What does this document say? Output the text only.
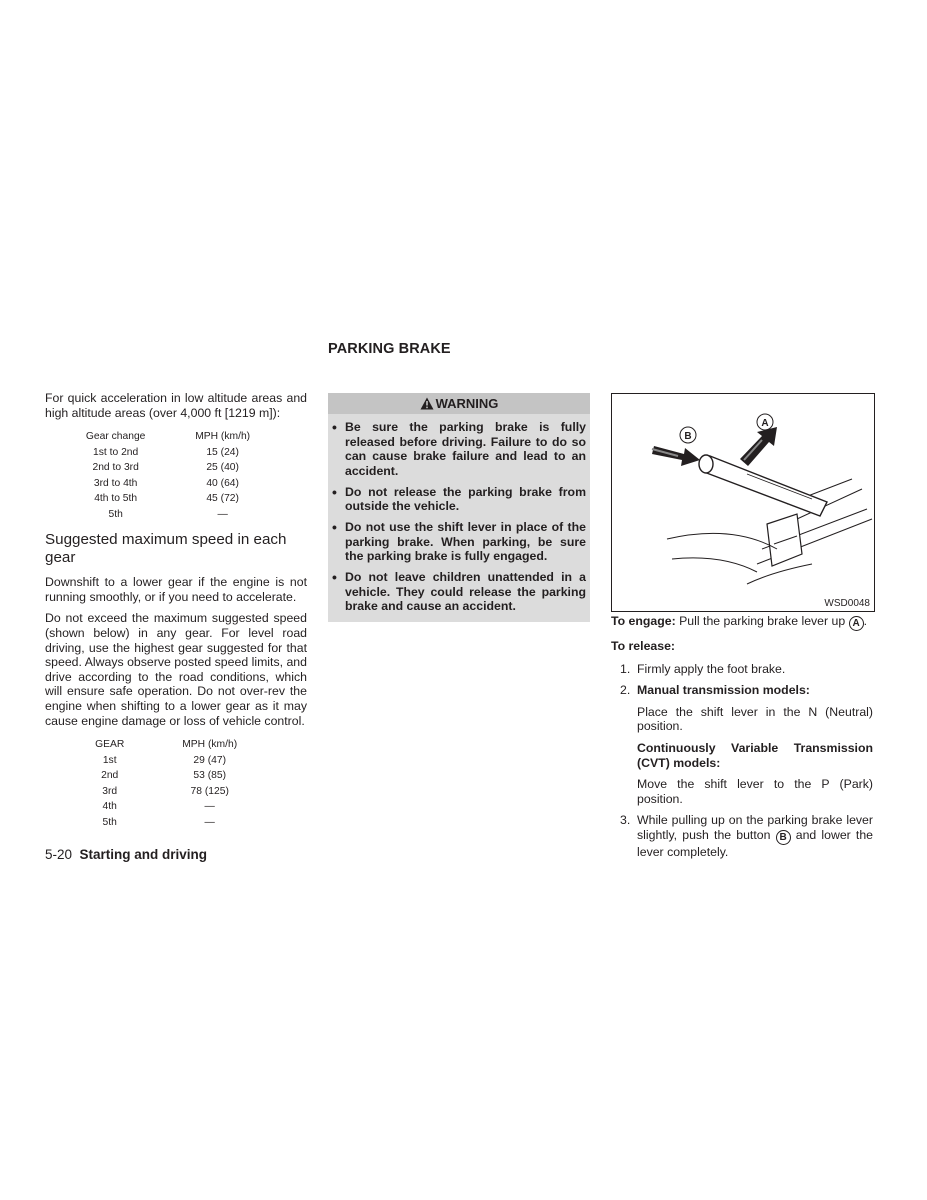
PARKING BRAKE

For quick acceleration in low altitude areas and high altitude areas (over 4,000 ft [1219 m]):

Gear change	MPH (km/h)
1st to 2nd	15 (24)
2nd to 3rd	25 (40)
3rd to 4th	40 (64)
4th to 5th	45 (72)
5th	—
Suggested maximum speed in each gear

Downshift to a lower gear if the engine is not running smoothly, or if you need to accelerate.

Do not exceed the maximum suggested speed (shown below) in any gear. For level road driving, use the highest gear suggested for that speed. Always observe posted speed limits, and drive according to the road conditions, which will ensure safe operation. Do not over-rev the engine when shifting to a lower gear as it may cause engine damage or loss of vehicle control.

GEAR	MPH (km/h)
1st	29 (47)
2nd	53 (85)
3rd	78 (125)
4th	—
5th	—
WARNING
• Be sure the parking brake is fully released before driving. Failure to do so can cause brake failure and lead to an accident.
• Do not release the parking brake from outside the vehicle.
• Do not use the shift lever in place of the parking brake. When parking, be sure the parking brake is fully engaged.
• Do not leave children unattended in a vehicle. They could release the parking brake and cause an accident.
B
A
WSD0048

To engage: Pull the parking brake lever up A .

To release:

1. Firmly apply the foot brake.

2. Manual transmission models:

Place the shift lever in the N (Neutral) position.

Continuously Variable Transmission (CVT) models:

Move the shift lever to the P (Park) position.

3. While pulling up on the parking brake lever slightly, push the button B and lower the lever completely.

5-20 Starting and driving
